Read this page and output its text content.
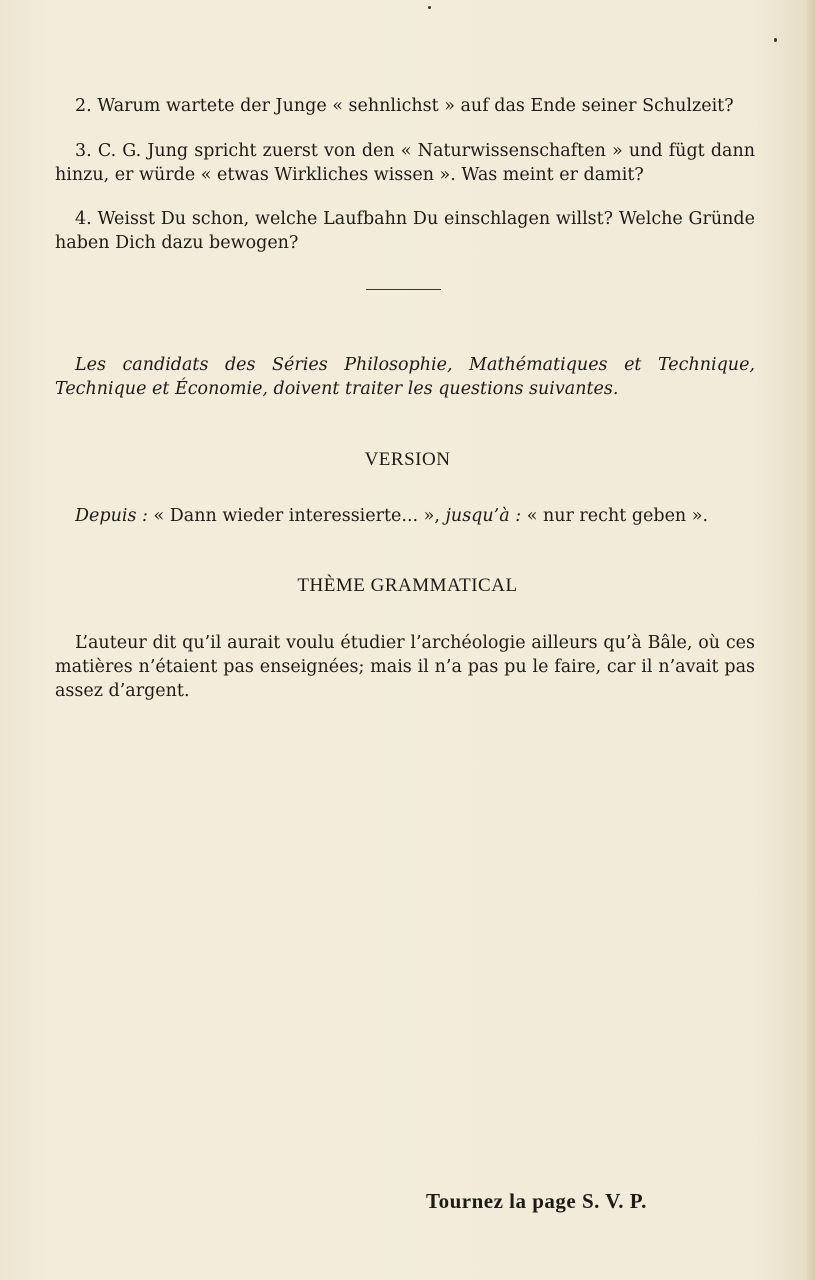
2. Warum wartete der Junge « sehnlichst » auf das Ende seiner Schulzeit?
3. C. G. Jung spricht zuerst von den « Naturwissenschaften » und fügt dann hinzu, er würde « etwas Wirkliches wissen ». Was meint er damit?
4. Weisst Du schon, welche Laufbahn Du einschlagen willst? Welche Gründe haben Dich dazu bewogen?
Les candidats des Séries Philosophie, Mathématiques et Technique, Technique et Économie, doivent traiter les questions suivantes.
VERSION
Depuis : « Dann wieder interessierte... », jusqu’à : « nur recht geben ».
THÈME GRAMMATICAL
L’auteur dit qu’il aurait voulu étudier l’archéologie ailleurs qu’à Bâle, où ces matières n’étaient pas enseignées; mais il n’a pas pu le faire, car il n’avait pas assez d’argent.
Tournez la page S. V. P.
